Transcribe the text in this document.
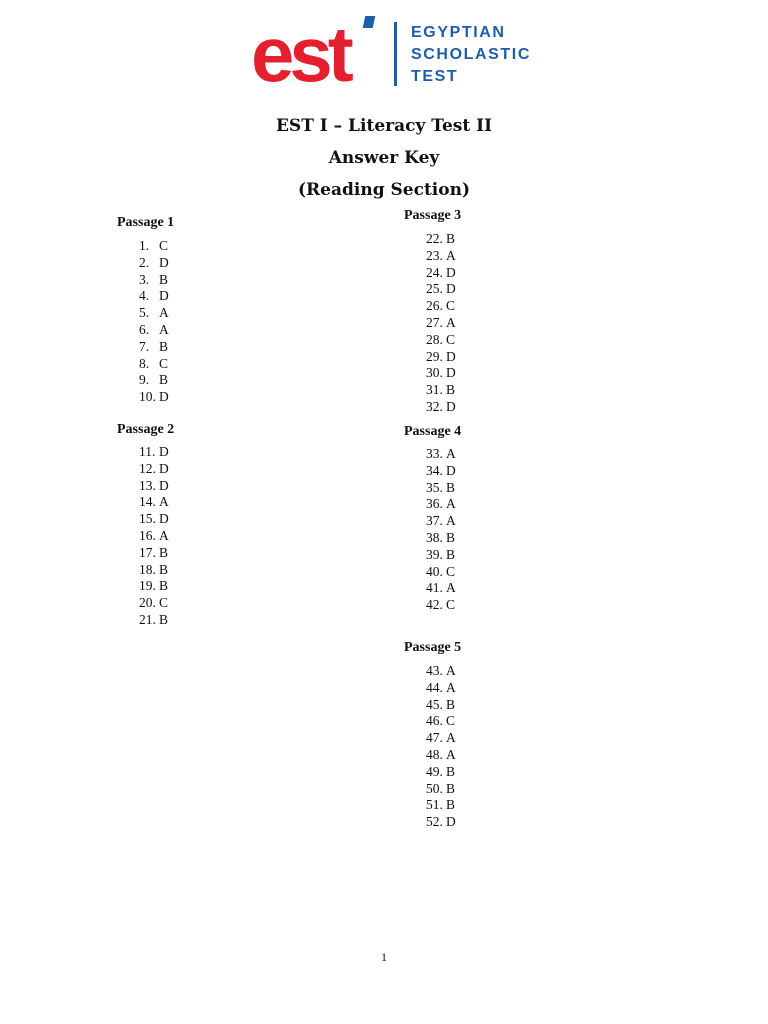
est	EGYPTIAN
SCHOLASTIC
TEST
EST I – Literacy Test II
Answer Key
(Reading Section)
Passage 1
1. C
2. D
3. B
4. D
5. A
6. A
7. B
8. C
9. B
10. D
Passage 2
11. D
12. D
13. D
14. A
15. D
16. A
17. B
18. B
19. B
20. C
21. B
Passage 3
22. B
23. A
24. D
25. D
26. C
27. A
28. C
29. D
30. D
31. B
32. D
Passage 4
33. A
34. D
35. B
36. A
37. A
38. B
39. B
40. C
41. A
42. C
Passage 5
43. A
44. A
45. B
46. C
47. A
48. A
49. B
50. B
51. B
52. D
1
